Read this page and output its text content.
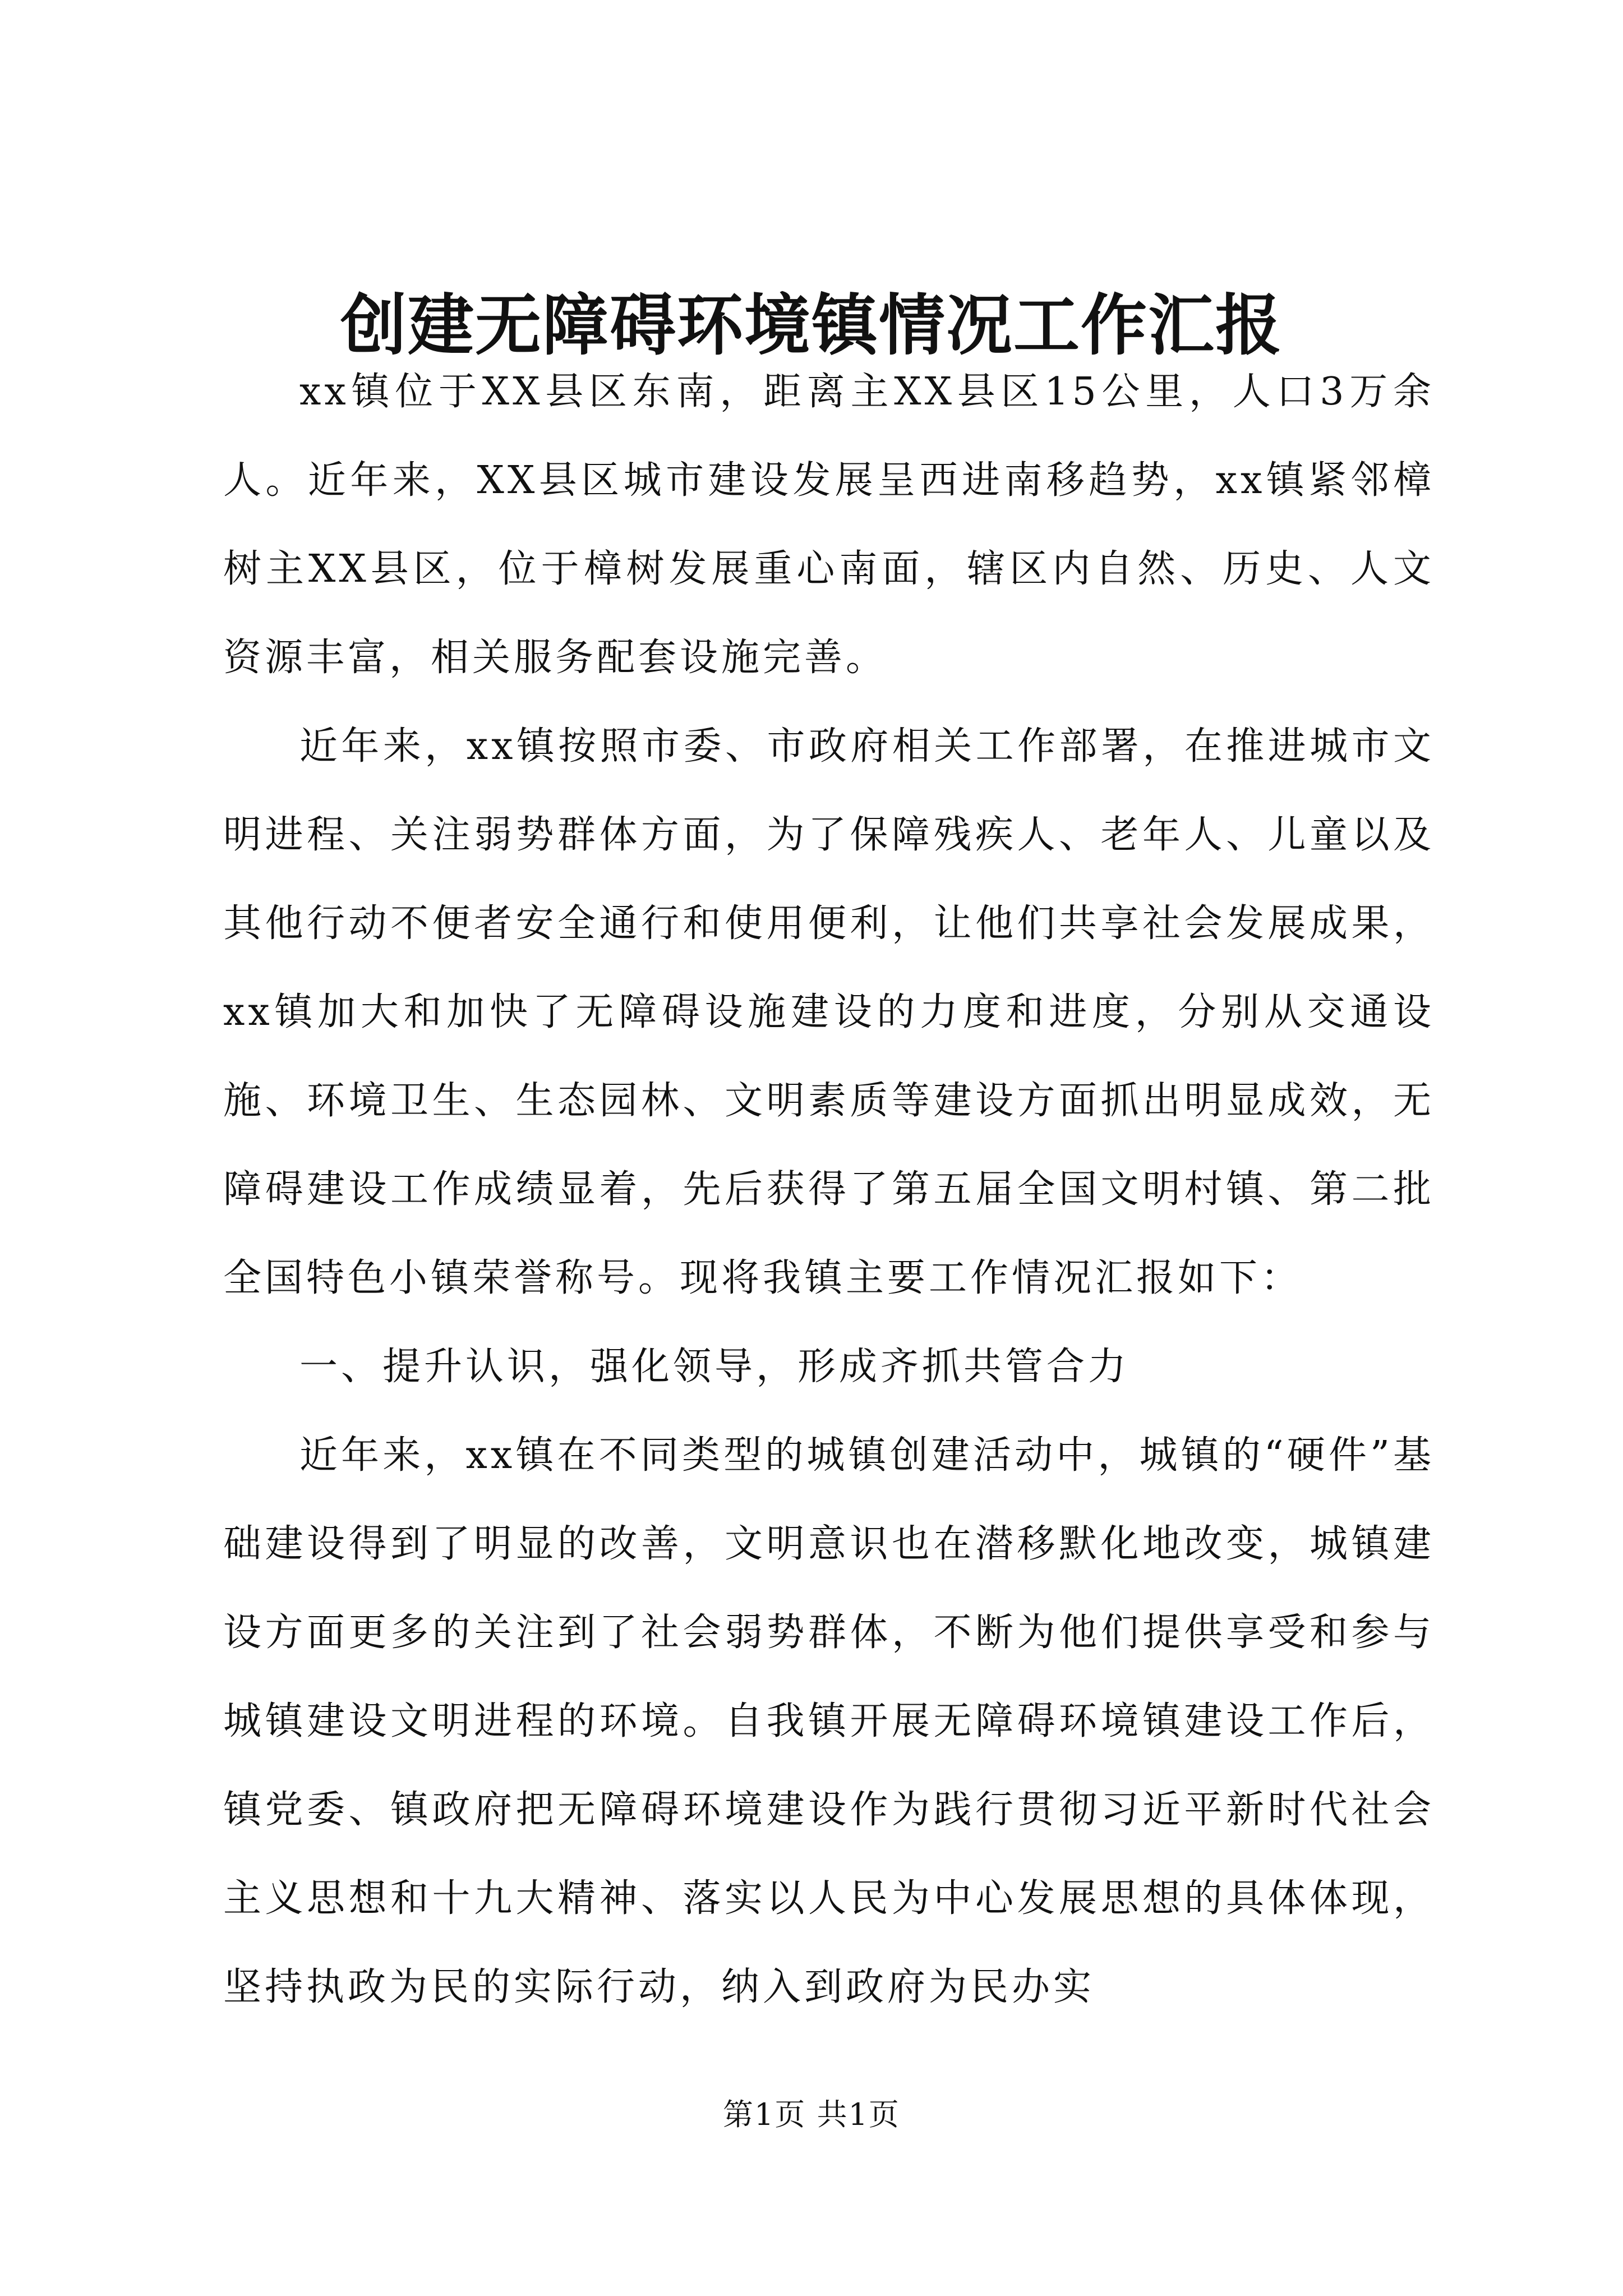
创建无障碍环境镇情况工作汇报

xx镇位于XX县区东南，距离主XX县区15公里，人口3万余人。近年来，XX县区城市建设发展呈西进南移趋势，xx镇紧邻樟树主XX县区，位于樟树发展重心南面，辖区内自然、历史、人文资源丰富，相关服务配套设施完善。

近年来，xx镇按照市委、市政府相关工作部署，在推进城市文明进程、关注弱势群体方面，为了保障残疾人、老年人、儿童以及其他行动不便者安全通行和使用便利，让他们共享社会发展成果，xx镇加大和加快了无障碍设施建设的力度和进度，分别从交通设施、环境卫生、生态园林、文明素质等建设方面抓出明显成效，无障碍建设工作成绩显着，先后获得了第五届全国文明村镇、第二批全国特色小镇荣誉称号。现将我镇主要工作情况汇报如下：

一、提升认识，强化领导，形成齐抓共管合力

近年来，xx镇在不同类型的城镇创建活动中，城镇的“硬件”基础建设得到了明显的改善，文明意识也在潜移默化地改变，城镇建设方面更多的关注到了社会弱势群体，不断为他们提供享受和参与城镇建设文明进程的环境。自我镇开展无障碍环境镇建设工作后，镇党委、镇政府把无障碍环境建设作为践行贯彻习近平新时代社会主义思想和十九大精神、落实以人民为中心发展思想的具体体现，坚持执政为民的实际行动，纳入到政府为民办实

第1页 共1页
